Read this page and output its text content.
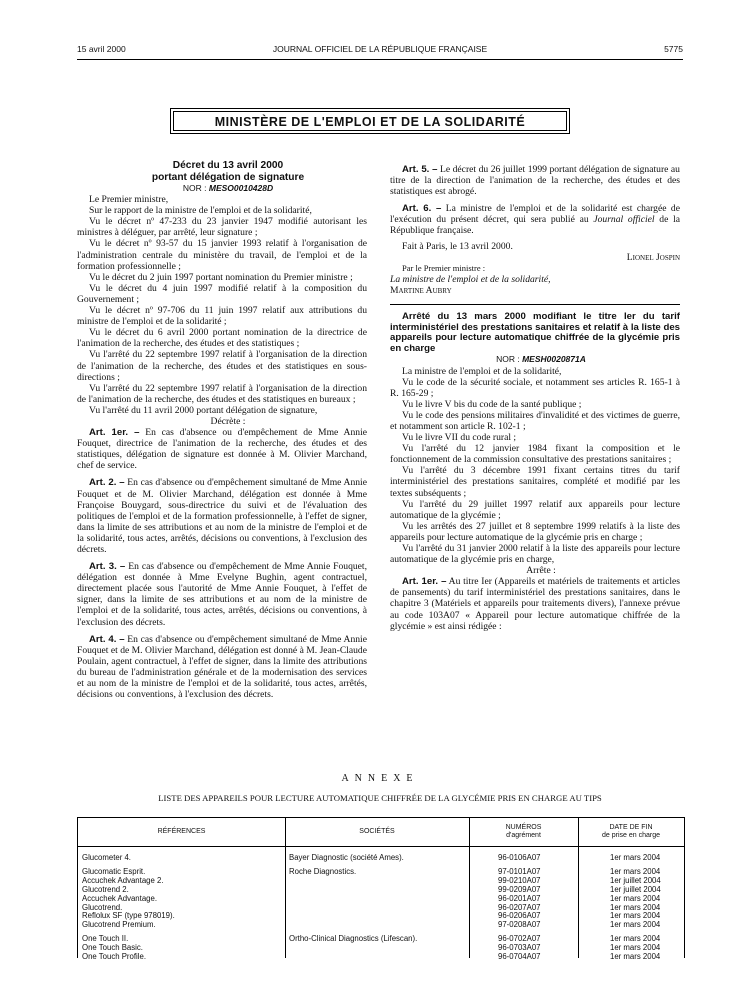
15 avril 2000	JOURNAL OFFICIEL DE LA RÉPUBLIQUE FRANÇAISE	5775
MINISTÈRE DE L'EMPLOI ET DE LA SOLIDARITÉ

Décret du 13 avril 2000

portant délégation de signature

NOR : MESO0010428D

Le Premier ministre,

Sur le rapport de la ministre de l'emploi et de la solidarité,

Vu le décret nº 47-233 du 23 janvier 1947 modifié autorisant les ministres à déléguer, par arrêté, leur signature ;

Vu le décret nº 93-57 du 15 janvier 1993 relatif à l'organisation de l'administration centrale du ministère du travail, de l'emploi et de la formation professionnelle ;

Vu le décret du 2 juin 1997 portant nomination du Premier ministre ;

Vu le décret du 4 juin 1997 modifié relatif à la composition du Gouvernement ;

Vu le décret nº 97-706 du 11 juin 1997 relatif aux attributions du ministre de l'emploi et de la solidarité ;

Vu le décret du 6 avril 2000 portant nomination de la directrice de l'animation de la recherche, des études et des statistiques ;

Vu l'arrêté du 22 septembre 1997 relatif à l'organisation de la direction de l'animation de la recherche, des études et des statistiques en sous-directions ;

Vu l'arrêté du 22 septembre 1997 relatif à l'organisation de la direction de l'animation de la recherche, des études et des statistiques en bureaux ;

Vu l'arrêté du 11 avril 2000 portant délégation de signature,

Décrète :

Art. 1er. – En cas d'absence ou d'empêchement de Mme Annie Fouquet, directrice de l'animation de la recherche, des études et des statistiques, délégation de signature est donnée à M. Olivier Marchand, chef de service.

Art. 2. – En cas d'absence ou d'empêchement simultané de Mme Annie Fouquet et de M. Olivier Marchand, délégation est donnée à Mme Françoise Bouygard, sous-directrice du suivi et de l'évaluation des politiques de l'emploi et de la formation professionnelle, à l'effet de signer, dans la limite de ses attributions et au nom de la ministre de l'emploi et de la solidarité, tous actes, arrêtés, décisions ou conventions, à l'exclusion des décrets.

Art. 3. – En cas d'absence ou d'empêchement de Mme Annie Fouquet, délégation est donnée à Mme Evelyne Bughin, agent contractuel, directement placée sous l'autorité de Mme Annie Fouquet, à l'effet de signer, dans la limite de ses attributions et au nom de la ministre de l'emploi et de la solidarité, tous actes, arrêtés, décisions ou conventions, à l'exclusion des décrets.

Art. 4. – En cas d'absence ou d'empêchement simultané de Mme Annie Fouquet et de M. Olivier Marchand, délégation est donné à M. Jean-Claude Poulain, agent contractuel, à l'effet de signer, dans la limite des attributions du bureau de l'administration générale et de la modernisation des services et au nom de la ministre de l'emploi et de la solidarité, tous actes, arrêtés, décisions ou conventions, à l'exclusion des décrets.

Art. 5. – Le décret du 26 juillet 1999 portant délégation de signature au titre de la direction de l'animation de la recherche, des études et des statistiques est abrogé.

Art. 6. – La ministre de l'emploi et de la solidarité est chargée de l'exécution du présent décret, qui sera publié au Journal officiel de la République française.

Fait à Paris, le 13 avril 2000.

Lionel Jospin

Par le Premier ministre :

La ministre de l'emploi et de la solidarité,

Martine Aubry

Arrêté du 13 mars 2000 modifiant le titre Ier du tarif interministériel des prestations sanitaires et relatif à la liste des appareils pour lecture automatique chiffrée de la glycémie pris en charge

NOR : MESH0020871A

La ministre de l'emploi et de la solidarité,

Vu le code de la sécurité sociale, et notamment ses articles R. 165-1 à R. 165-29 ;

Vu le livre V bis du code de la santé publique ;

Vu le code des pensions militaires d'invalidité et des victimes de guerre, et notamment son article R. 102-1 ;

Vu le livre VII du code rural ;

Vu l'arrêté du 12 janvier 1984 fixant la composition et le fonctionnement de la commission consultative des prestations sanitaires ;

Vu l'arrêté du 3 décembre 1991 fixant certains titres du tarif interministériel des prestations sanitaires, complété et modifié par les textes subséquents ;

Vu l'arrêté du 29 juillet 1997 relatif aux appareils pour lecture automatique de la glycémie ;

Vu les arrêtés des 27 juillet et 8 septembre 1999 relatifs à la liste des appareils pour lecture automatique de la glycémie pris en charge ;

Vu l'arrêté du 31 janvier 2000 relatif à la liste des appareils pour lecture automatique de la glycémie pris en charge,

Arrête :

Art. 1er. – Au titre Ier (Appareils et matériels de traitements et articles de pansements) du tarif interministériel des prestations sanitaires, dans le chapitre 3 (Matériels et appareils pour traitements divers), l'annexe prévue au code 103A07 « Appareil pour lecture automatique chiffrée de la glycémie » est ainsi rédigée :

ANNEXE
LISTE DES APPAREILS POUR LECTURE AUTOMATIQUE CHIFFRÉE DE LA GLYCÉMIE PRIS EN CHARGE AU TIPS
RÉFÉRENCES	SOCIÉTÉS
NUMÉROS
d'agrément
DATE DE FIN
de prise en charge
Glucometer 4.	Bayer Diagnostic (société Ames).	96-0106A07	1er mars 2004
Glucomatic Esprit.	Roche Diagnostics.	97-0101A07	1er mars 2004
Accuchek Advantage 2.	99-0210A07	1er juillet 2004
Glucotrend 2.	99-0209A07	1er juillet 2004
Accuchek Advantage.	96-0201A07	1er mars 2004
Glucotrend.	96-0207A07	1er mars 2004
Reflolux SF (type 978019).	96-0206A07	1er mars 2004
Glucotrend Premium.	97-0208A07	1er mars 2004
One Touch II.	Ortho-Clinical Diagnostics (Lifescan).	96-0702A07	1er mars 2004
One Touch Basic.	96-0703A07	1er mars 2004
One Touch Profile.	96-0704A07	1er mars 2004
